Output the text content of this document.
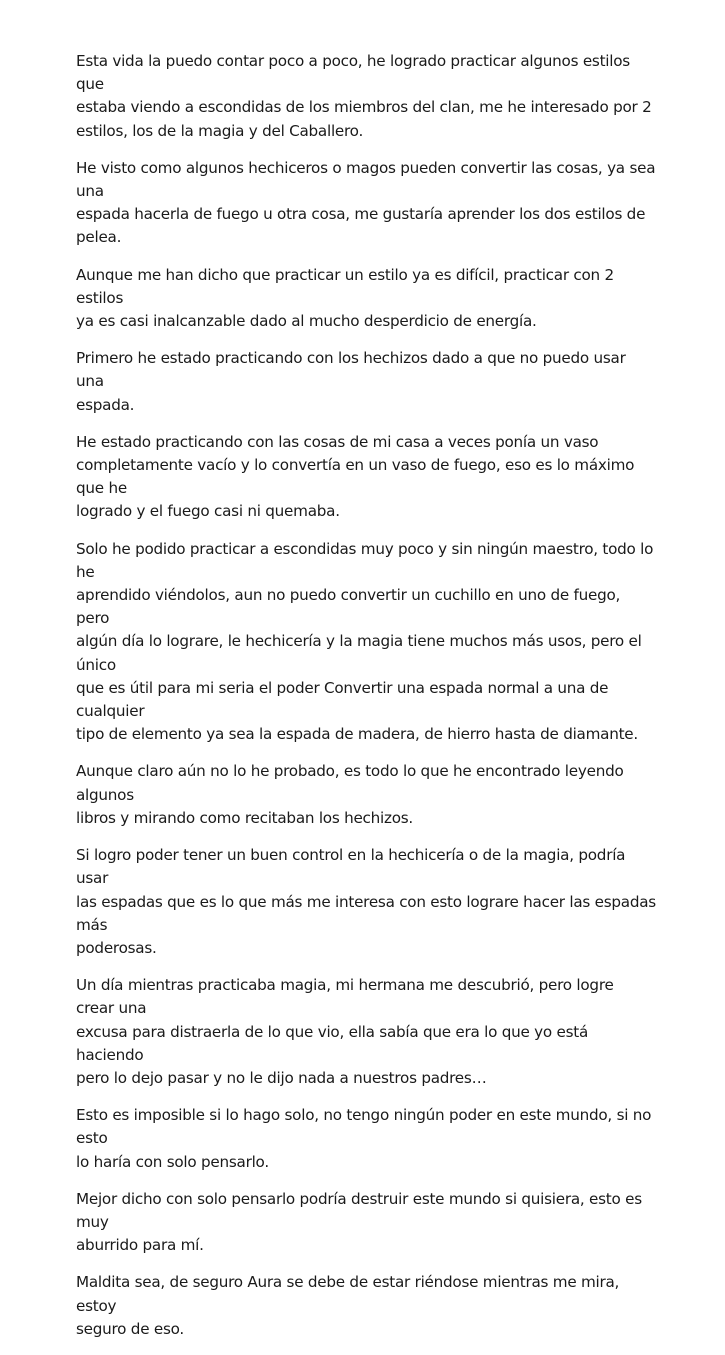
Esta vida la puedo contar poco a poco, he logrado practicar algunos estilos que
estaba viendo a escondidas de los miembros del clan, me he interesado por 2
estilos, los de la magia y del Caballero.

He visto como algunos hechiceros o magos pueden convertir las cosas, ya sea una
espada hacerla de fuego u otra cosa, me gustaría aprender los dos estilos de
pelea.

Aunque me han dicho que practicar un estilo ya es difícil, practicar con 2 estilos
ya es casi inalcanzable dado al mucho desperdicio de energía.

Primero he estado practicando con los hechizos dado a que no puedo usar una
espada.

He estado practicando con las cosas de mi casa a veces ponía un vaso
completamente vacío y lo convertía en un vaso de fuego, eso es lo máximo que he
logrado y el fuego casi ni quemaba.

Solo he podido practicar a escondidas muy poco y sin ningún maestro, todo lo he
aprendido viéndolos, aun no puedo convertir un cuchillo en uno de fuego, pero
algún día lo lograre, le hechicería y la magia tiene muchos más usos, pero el único
que es útil para mi seria el poder Convertir una espada normal a una de cualquier
tipo de elemento ya sea la espada de madera, de hierro hasta de diamante.

Aunque claro aún no lo he probado, es todo lo que he encontrado leyendo algunos
libros y mirando como recitaban los hechizos.

Si logro poder tener un buen control en la hechicería o de la magia, podría usar
las espadas que es lo que más me interesa con esto lograre hacer las espadas más
poderosas.

Un día mientras practicaba magia, mi hermana me descubrió, pero logre crear una
excusa para distraerla de lo que vio, ella sabía que era lo que yo está haciendo
pero lo dejo pasar y no le dijo nada a nuestros padres…

Esto es imposible si lo hago solo, no tengo ningún poder en este mundo, si no esto
lo haría con solo pensarlo.

Mejor dicho con solo pensarlo podría destruir este mundo si quisiera, esto es muy
aburrido para mí.

Maldita sea, de seguro Aura se debe de estar riéndose mientras me mira, estoy
seguro de eso.
